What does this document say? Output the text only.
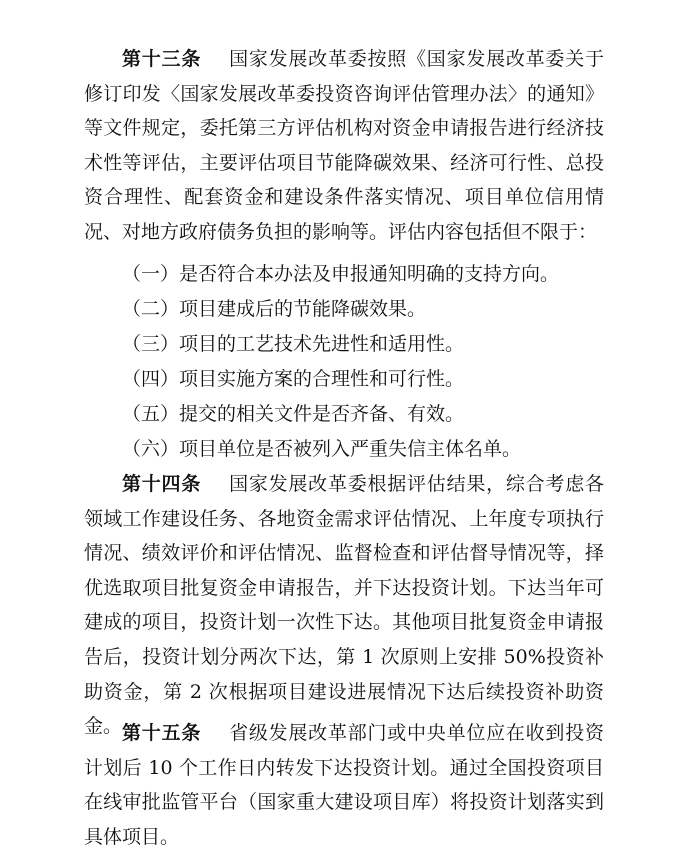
第十三条 国家发展改革委按照《国家发展改革委关于修订印发〈国家发展改革委投资咨询评估管理办法〉的通知》等文件规定，委托第三方评估机构对资金申请报告进行经济技术性等评估，主要评估项目节能降碳效果、经济可行性、总投资合理性、配套资金和建设条件落实情况、项目单位信用情况、对地方政府债务负担的影响等。评估内容包括但不限于：

（一）是否符合本办法及申报通知明确的支持方向。

（二）项目建成后的节能降碳效果。

（三）项目的工艺技术先进性和适用性。

（四）项目实施方案的合理性和可行性。

（五）提交的相关文件是否齐备、有效。

（六）项目单位是否被列入严重失信主体名单。

第十四条 国家发展改革委根据评估结果，综合考虑各领域工作建设任务、各地资金需求评估情况、上年度专项执行情况、绩效评价和评估情况、监督检查和评估督导情况等，择优选取项目批复资金申请报告，并下达投资计划。下达当年可建成的项目，投资计划一次性下达。其他项目批复资金申请报告后，投资计划分两次下达，第 1 次原则上安排 50%投资补助资金，第 2 次根据项目建设进展情况下达后续投资补助资金。 第十五条 省级发展改革部门或中央单位应在收到投资计划后 10 个工作日内转发下达投资计划。通过全国投资项目在线审批监管平台（国家重大建设项目库）将投资计划落实到具体项目。
